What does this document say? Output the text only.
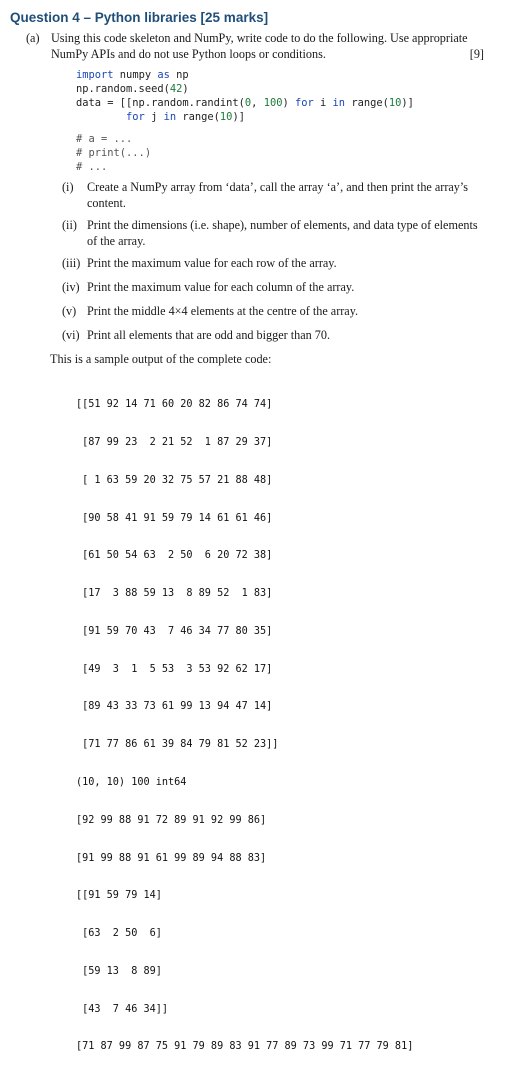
Question 4 – Python libraries [25 marks]
(a) Using this code skeleton and NumPy, write code to do the following. Use appropriate NumPy APIs and do not use Python loops or conditions.	[9]
import numpy as np
np.random.seed(42)
data = [[np.random.randint(0, 100) for i in range(10)]
for j in range(10)]
# a = ...
# print(...)
# ...
(i) Create a NumPy array from ‘data’, call the array ‘a’, and then print the array’s content.
(ii) Print the dimensions (i.e. shape), number of elements, and data type of elements of the array.
(iii) Print the maximum value for each row of the array.
(iv) Print the maximum value for each column of the array.
(v) Print the middle 4×4 elements at the centre of the array.
(vi) Print all elements that are odd and bigger than 70.
This is a sample output of the complete code:

[[51 92 14 71 60 20 82 86 74 74]

[87 99 23  2 21 52  1 87 29 37]

[ 1 63 59 20 32 75 57 21 88 48]

[90 58 41 91 59 79 14 61 61 46]

[61 50 54 63  2 50  6 20 72 38]

[17  3 88 59 13  8 89 52  1 83]

[91 59 70 43  7 46 34 77 80 35]

[49  3  1  5 53  3 53 92 62 17]

[89 43 33 73 61 99 13 94 47 14]

[71 77 86 61 39 84 79 81 52 23]]

(10, 10) 100 int64

[92 99 88 91 72 89 91 92 99 86]

[91 99 88 91 61 99 89 94 88 83]

[[91 59 79 14]

[63  2 50  6]

[59 13  8 89]

[43  7 46 34]]

[71 87 99 87 75 91 79 89 83 91 77 89 73 99 71 77 79 81]
